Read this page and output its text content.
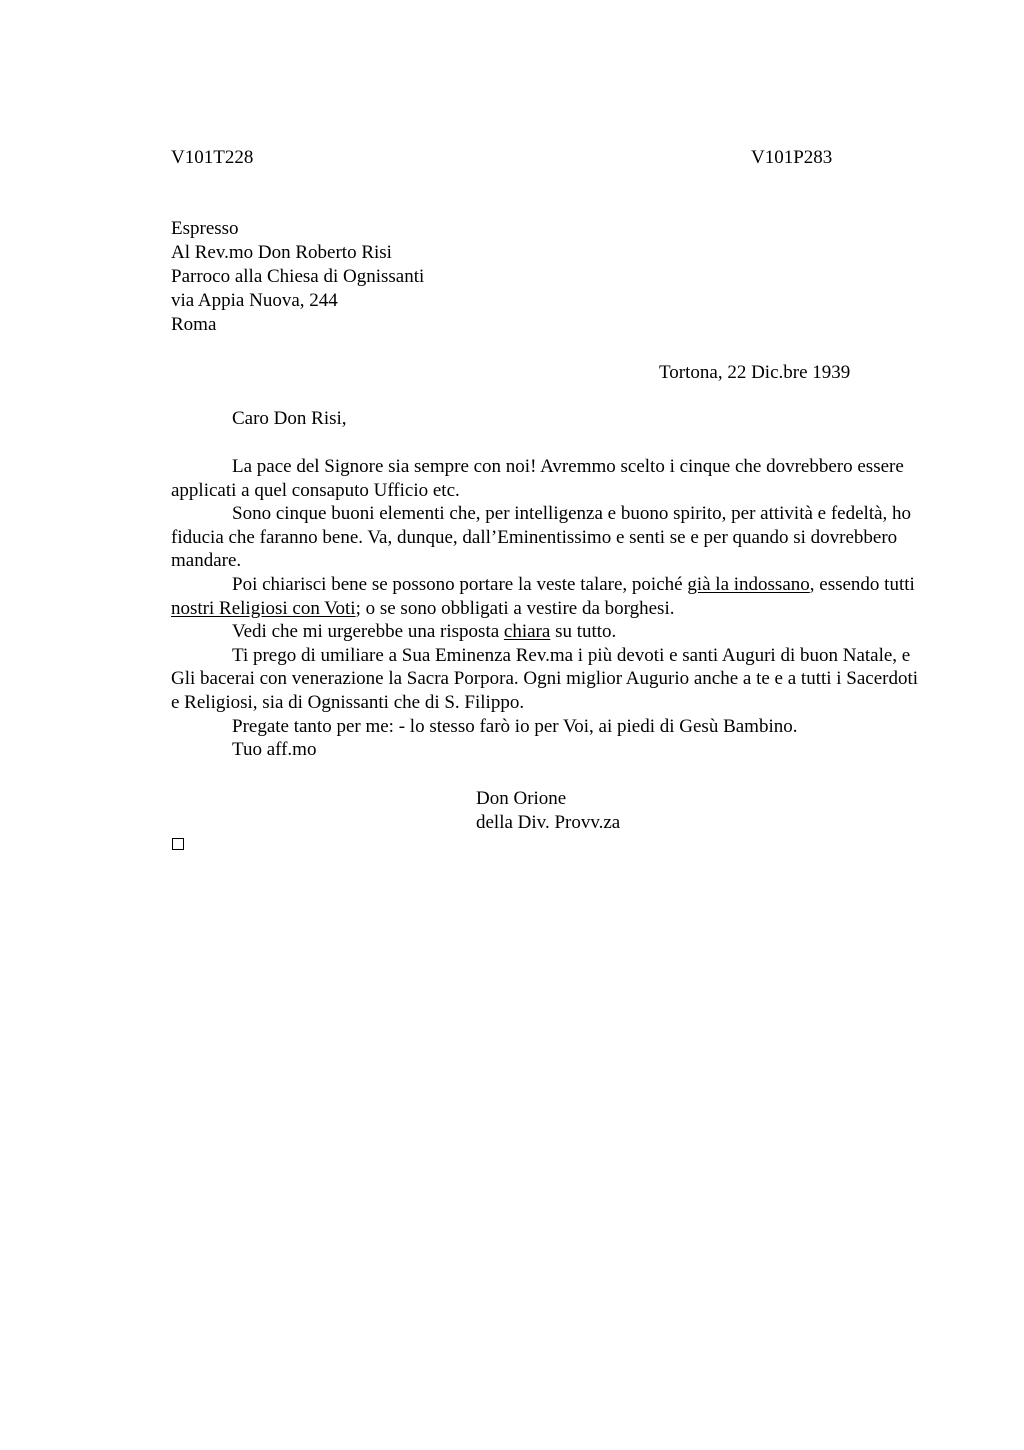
V101T228	V101P283
Espresso
Al Rev.mo Don Roberto Risi
Parroco alla Chiesa di Ognissanti
via Appia Nuova, 244
Roma
Tortona, 22 Dic.bre 1939
Caro Don Risi,

La pace del Signore sia sempre con noi! Avremmo scelto i cinque che dovrebbero essere applicati a quel consaputo Ufficio etc.

Sono cinque buoni elementi che, per intelligenza e buono spirito, per attività e fedeltà, ho fiducia che faranno bene. Va, dunque, dall’Eminentissimo e senti se e per quando si dovrebbero mandare.

Poi chiarisci bene se possono portare la veste talare, poiché già la indossano, essendo tutti nostri Religiosi con Voti; o se sono obbligati a vestire da borghesi.

Vedi che mi urgerebbe una risposta chiara su tutto.

Ti prego di umiliare a Sua Eminenza Rev.ma i più devoti e santi Auguri di buon Natale, e Gli bacerai con venerazione la Sacra Porpora. Ogni miglior Augurio anche a te e a tutti i Sacerdoti e Religiosi, sia di Ognissanti che di S. Filippo.

Pregate tanto per me: - lo stesso farò io per Voi, ai piedi di Gesù Bambino.

Tuo aff.mo

Don Orione
della Div. Provv.za
